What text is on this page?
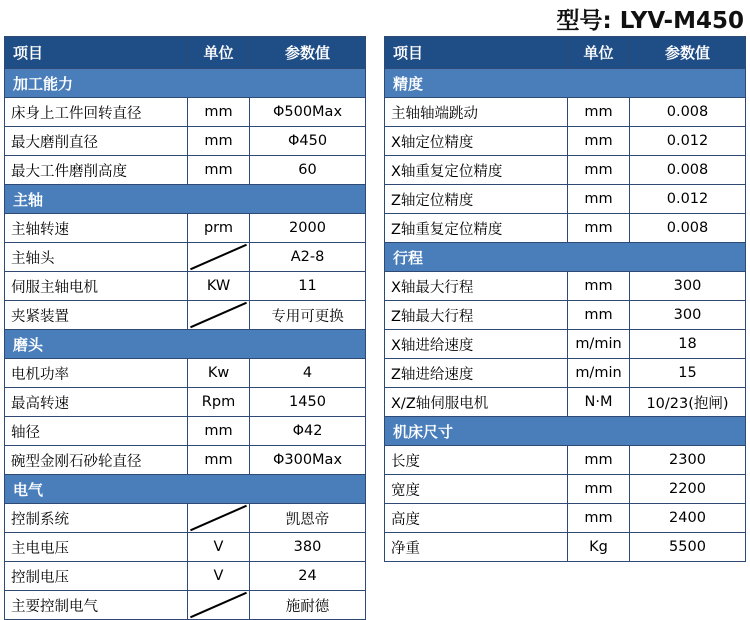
型号: LYV-M450
项目	单位	参数值
加工能力		
床身上工件回转直径	mm	Φ500Max
最大磨削直径	mm	Φ450
最大工件磨削高度	mm	60
主轴		
主轴转速	prm	2000
主轴头		A2-8
伺服主轴电机	KW	11
夹紧装置		专用可更换
磨头		
电机功率	Kw	4
最高转速	Rpm	1450
轴径	mm	Φ42
碗型金刚石砂轮直径	mm	Φ300Max
电气		
控制系统		凯恩帝
主电电压	V	380
控制电压	V	24
主要控制电气		施耐德
项目	单位	参数值
精度		
主轴轴端跳动	mm	0.008
X轴定位精度	mm	0.012
X轴重复定位精度	mm	0.008
Z轴定位精度	mm	0.012
Z轴重复定位精度	mm	0.008
行程		
X轴最大行程	mm	300
Z轴最大行程	mm	300
X轴进给速度	m/min	18
Z轴进给速度	m/min	15
X/Z轴伺服电机	N·M	10/23(抱闸)
机床尺寸		
长度	mm	2300
宽度	mm	2200
高度	mm	2400
净重	Kg	5500
